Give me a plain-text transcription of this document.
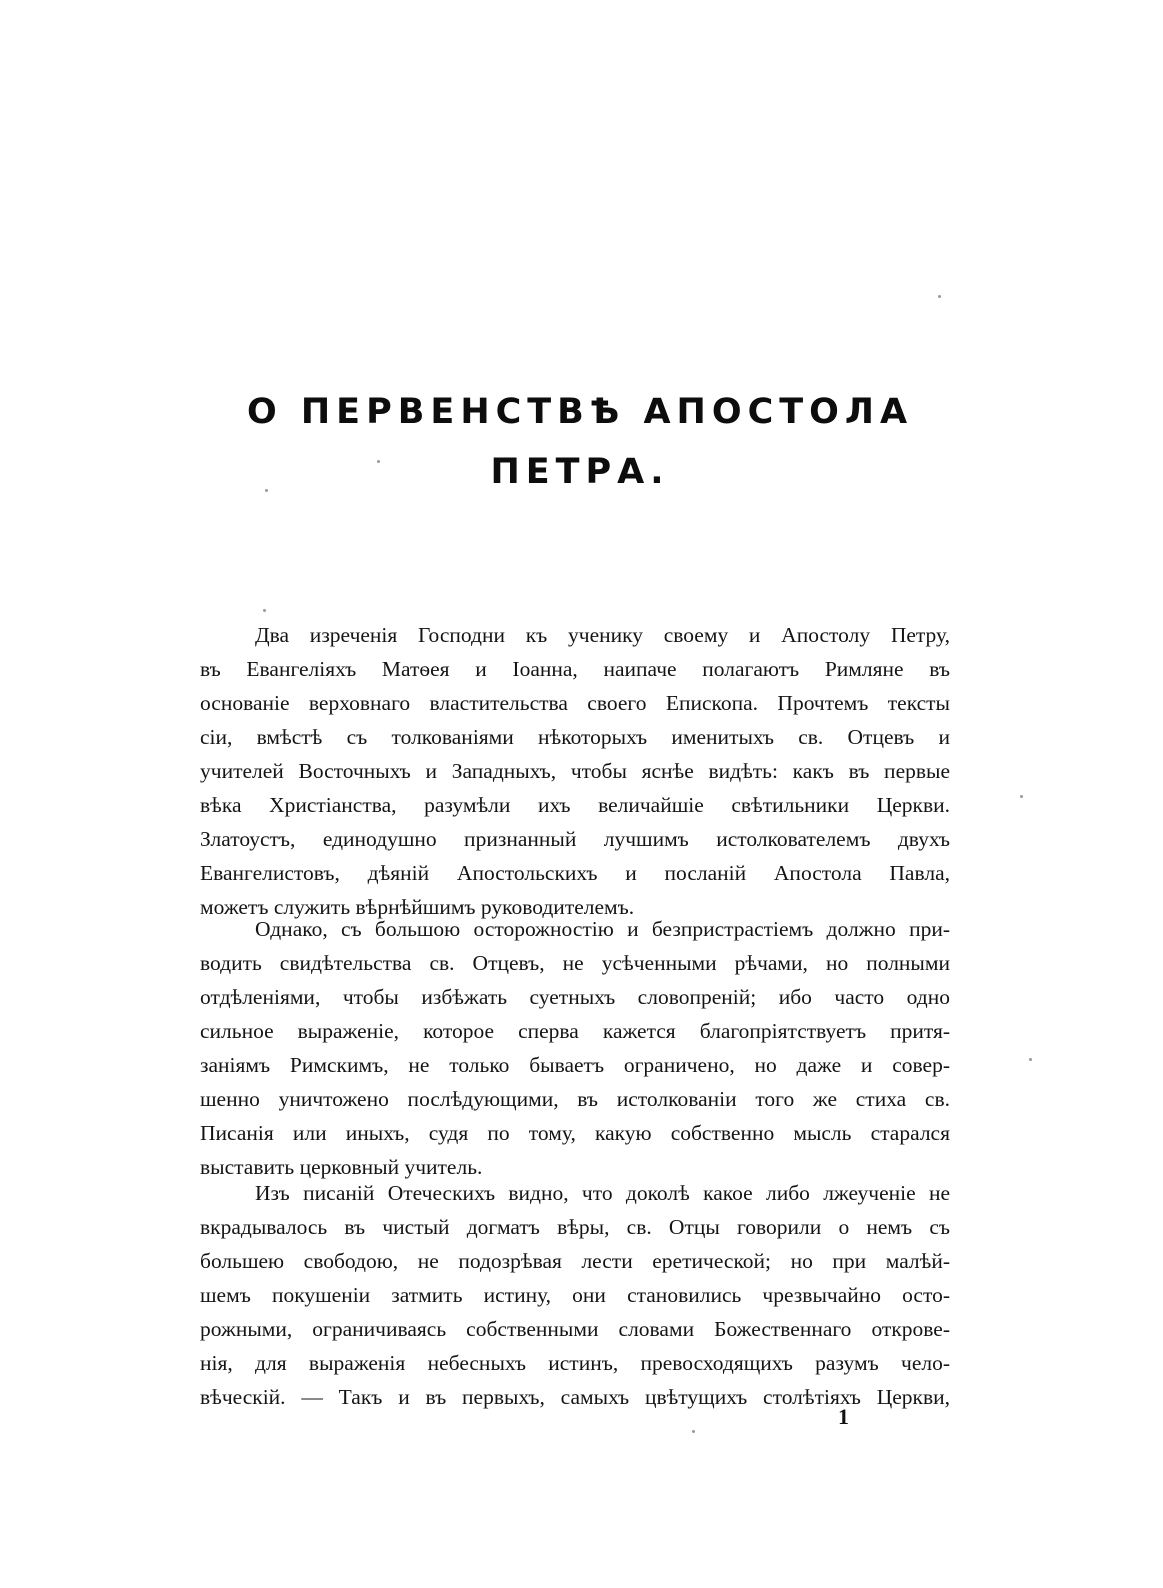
О ПЕРВЕНСТВѢ АПОСТОЛА
ПЕТРА.
Два изреченія Господни къ ученику своему и Апостолу Петру,
въ Евангеліяхъ Матѳея и Іоанна, наипаче полагаютъ Римляне въ
основаніе верховнаго властительства своего Епископа. Прочтемъ тексты
сіи, вмѣстѣ съ толкованіями нѣкоторыхъ именитыхъ св. Отцевъ и
учителей Восточныхъ и Западныхъ, чтобы яснѣе видѣть: какъ въ первые
вѣка Христіанства, разумѣли ихъ величайшіе свѣтильники Церкви.
Златоустъ, единодушно признанный лучшимъ истолкователемъ двухъ
Евангелистовъ, дѣяній Апостольскихъ и посланій Апостола Павла,
можетъ служить вѣрнѣйшимъ руководителемъ.
Однако, съ большою осторожностію и безпристрастіемъ должно при-
водить свидѣтельства св. Отцевъ, не усѣченными рѣчами, но полными
отдѣленіями, чтобы избѣжать суетныхъ словопреній; ибо часто одно
сильное выраженіе, которое сперва кажется благопріятствуетъ притя-
заніямъ Римскимъ, не только бываетъ ограничено, но даже и совер-
шенно уничтожено послѣдующими, въ истолкованіи того же стиха св.
Писанія или иныхъ, судя по тому, какую собственно мысль старался
выставить церковный учитель.
Изъ писаній Отеческихъ видно, что доколѣ какое либо лжеученіе не
вкрадывалось въ чистый догматъ вѣры, св. Отцы говорили о немъ съ
большею свободою, не подозрѣвая лести еретической; но при малѣй-
шемъ покушеніи затмить истину, они становились чрезвычайно осто-
рожными, ограничиваясь собственными словами Божественнаго открове-
нія, для выраженія небесныхъ истинъ, превосходящихъ разумъ чело-
вѣческій. — Такъ и въ первыхъ, самыхъ цвѣтущихъ столѣтіяхъ Церкви,
1
